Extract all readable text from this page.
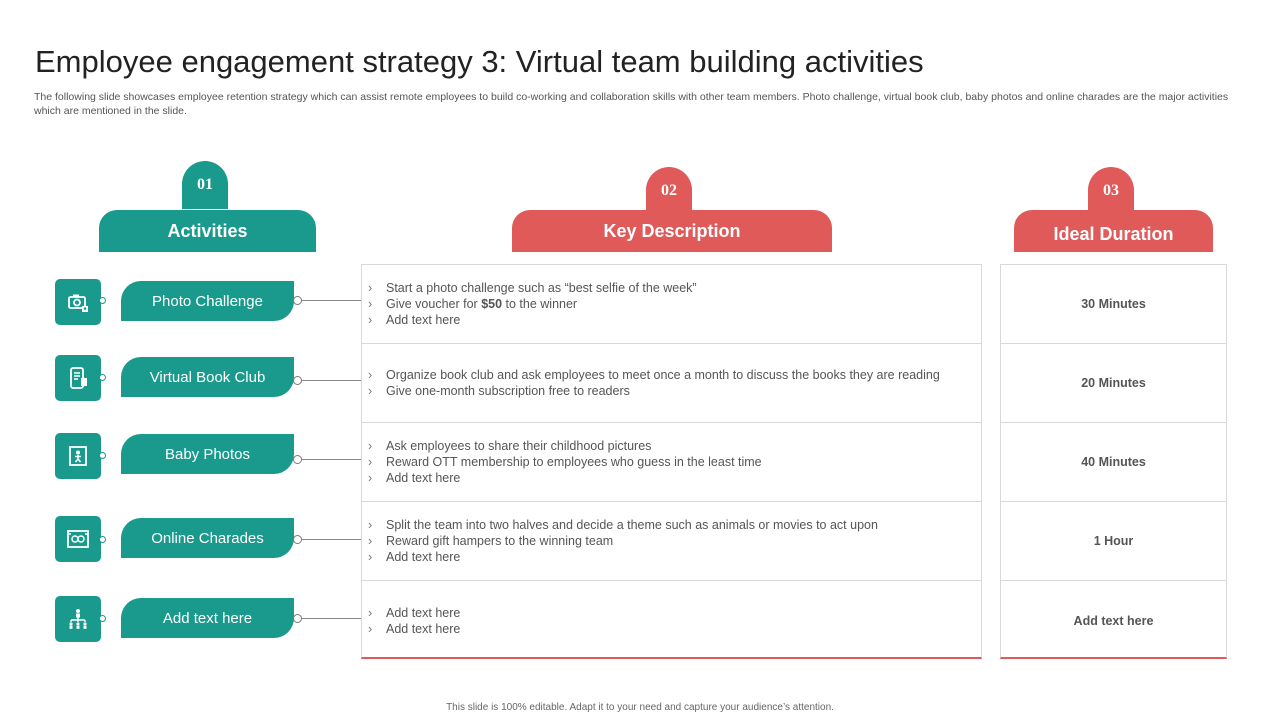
Employee engagement strategy 3: Virtual team building activities
The following slide showcases employee retention strategy which can assist remote employees to build co-working and collaboration skills with other team members. Photo challenge, virtual book club, baby photos and online charades are the major activities which are mentioned in the slide.
01
Activities
02
Key Description
03
Ideal Duration
Photo Challenge
Virtual Book Club
Baby Photos
Online Charades
Add text here
› Start a photo challenge such as “best selfie of the week”
› Give voucher for $50 to the winner
› Add text here
› Organize book club and ask employees to meet once a month to discuss the books they are reading
› Give one-month subscription free to readers
› Ask employees to share their childhood pictures
› Reward OTT membership to employees who guess in the least time
› Add text here
› Split the team into two halves and decide a theme such as animals or movies to act upon
› Reward gift hampers to the winning team
› Add text here
› Add text here
› Add text here
30 Minutes
20 Minutes
40 Minutes
1 Hour
Add text here
This slide is 100% editable. Adapt it to your need and capture your audience’s attention.
